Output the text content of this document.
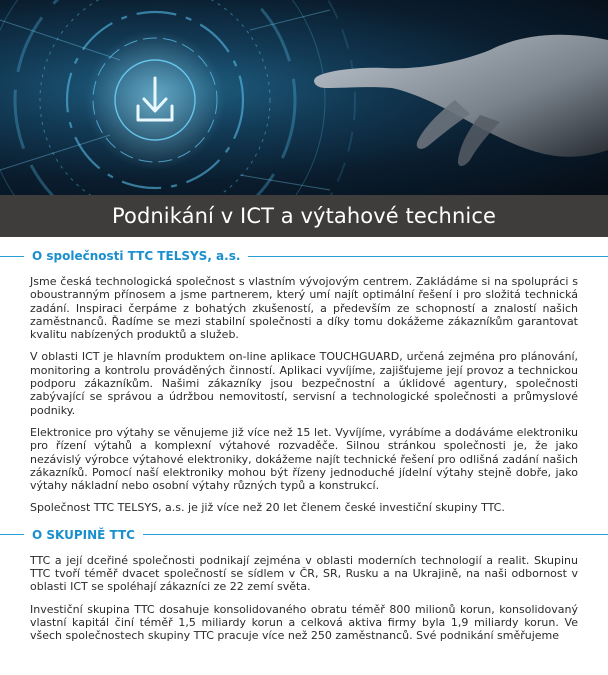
Podnikání v ICT a výtahové technice
O společnosti TTC TELSYS, a.s.

Jsme česká technologická společnost s vlastním vývojovým centrem. Zakládáme si na spolupráci s oboustranným přínosem a jsme partnerem, který umí najít optimální řešení i pro složitá technická zadání. Inspiraci čerpáme z bohatých zkušeností, a především ze schopností a znalostí našich zaměstnanců. Řadíme se mezi stabilní společnosti a díky tomu dokážeme zákazníkům garantovat kvalitu nabízených produktů a služeb.

V oblasti ICT je hlavním produktem on-line aplikace TOUCHGUARD, určená zejména pro plánování, monitoring a kontrolu prováděných činností. Aplikaci vyvíjíme, zajišťujeme její provoz a technickou podporu zákazníkům. Našimi zákazníky jsou bezpečnostní a úklidové agentury, společnosti zabývající se správou a údržbou nemovitostí, servisní a technologické společnosti a průmyslové podniky.

Elektronice pro výtahy se věnujeme již více než 15 let. Vyvíjíme, vyrábíme a dodáváme elektroniku pro řízení výtahů a komplexní výtahové rozvaděče. Silnou stránkou společnosti je, že jako nezávislý výrobce výtahové elektroniky, dokážeme najít technické řešení pro odlišná zadání našich zákazníků. Pomocí naší elektroniky mohou být řízeny jednoduché jídelní výtahy stejně dobře, jako výtahy nákladní nebo osobní výtahy různých typů a konstrukcí.

Společnost TTC TELSYS, a.s. je již více než 20 let členem české investiční skupiny TTC.

O SKUPINĚ TTC

TTC a její dceřiné společnosti podnikají zejména v oblasti moderních technologií a realit. Skupinu TTC tvoří téměř dvacet společností se sídlem v ČR, SR, Rusku a na Ukrajině, na naši odbornost v oblasti ICT se spoléhají zákazníci ze 22 zemí světa.

Investiční skupina TTC dosahuje konsolidovaného obratu téměř 800 milionů korun, konsolidovaný vlastní kapitál činí téměř 1,5 miliardy korun a celková aktiva firmy byla 1,9 miliardy korun. Ve všech společnostech skupiny TTC pracuje více než 250 zaměstnanců. Své podnikání směřujeme
